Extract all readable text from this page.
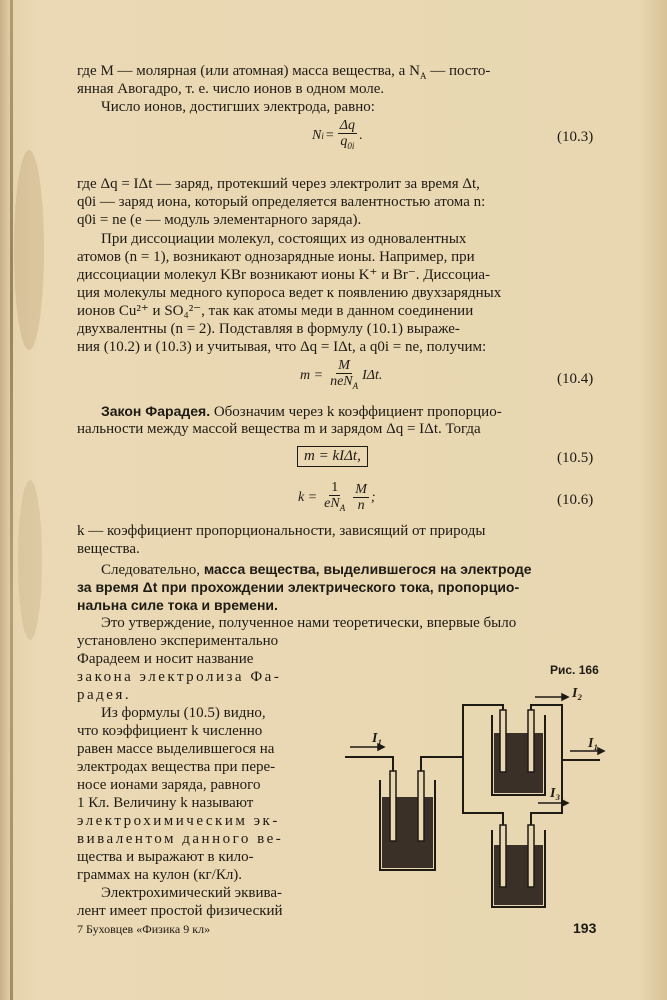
где M — молярная (или атомная) масса вещества, а $N_A$ — посто-
янная Авогадро, т. е. число ионов в одном моле.
Число ионов, достигших электрода, равно:
N $i = \frac{\Delta q}{q_{0i}}$ .	(10.3)
где Δq = IΔt — заряд, протекший через электролит за время Δt,
q0i — заряд иона, который определяется валентностью атома n:
q0i = ne (e — модуль элементарного заряда).
При диссоциации молекул, состоящих из одновалентных
атомов (n = 1), возникают однозарядные ионы. Например, при
диссоциации молекул KBr возникают ионы K⁺ и Br⁻. Диссоциа-
ция молекулы медного купороса ведет к появлению двухзарядных
ионов Cu²⁺ и SO₄²⁻, так как атомы меди в данном соединении
двухвалентны (n = 2). Подставляя в формулу (10.1) выраже-
ния (10.2) и (10.3) и учитывая, что Δq = IΔt, а q0i = ne, получим:
$m = \frac{M}{neN_A} I\Delta t$.	(10.4)
Закон Фарадея. Обозначим через k коэффициент пропорцио-
нальности между массой вещества m и зарядом Δq = IΔt. Тогда
m = kIΔt,	(10.5)
$k = \frac{1}{eN_A} \frac{M}{n}$ ;	(10.6)
k — коэффициент пропорциональности, зависящий от природы
вещества.
Следовательно, масса вещества, выделившегося на электроде
за время Δt при прохождении электрического тока, пропорцио-
нальна силе тока и времени.
Это утверждение, полученное нами теоретически, впервые было
установлено экспериментально
Фарадеем и носит название
закона электролиза Фа-
радея.
Из формулы (10.5) видно,
что коэффициент k численно
равен массе выделившегося на
электродах вещества при пере-
носе ионами заряда, равного
1 Кл. Величину k называют
электрохимическим эк-
вивалентом данного ве-
щества и выражают в кило-
граммах на кулон (кг/Кл).
Электрохимический эквива-
лент имеет простой физический
Рис. 166
I₁
I₂
I₁
I₃
7 Буховцев «Физика 9 кл»	193
